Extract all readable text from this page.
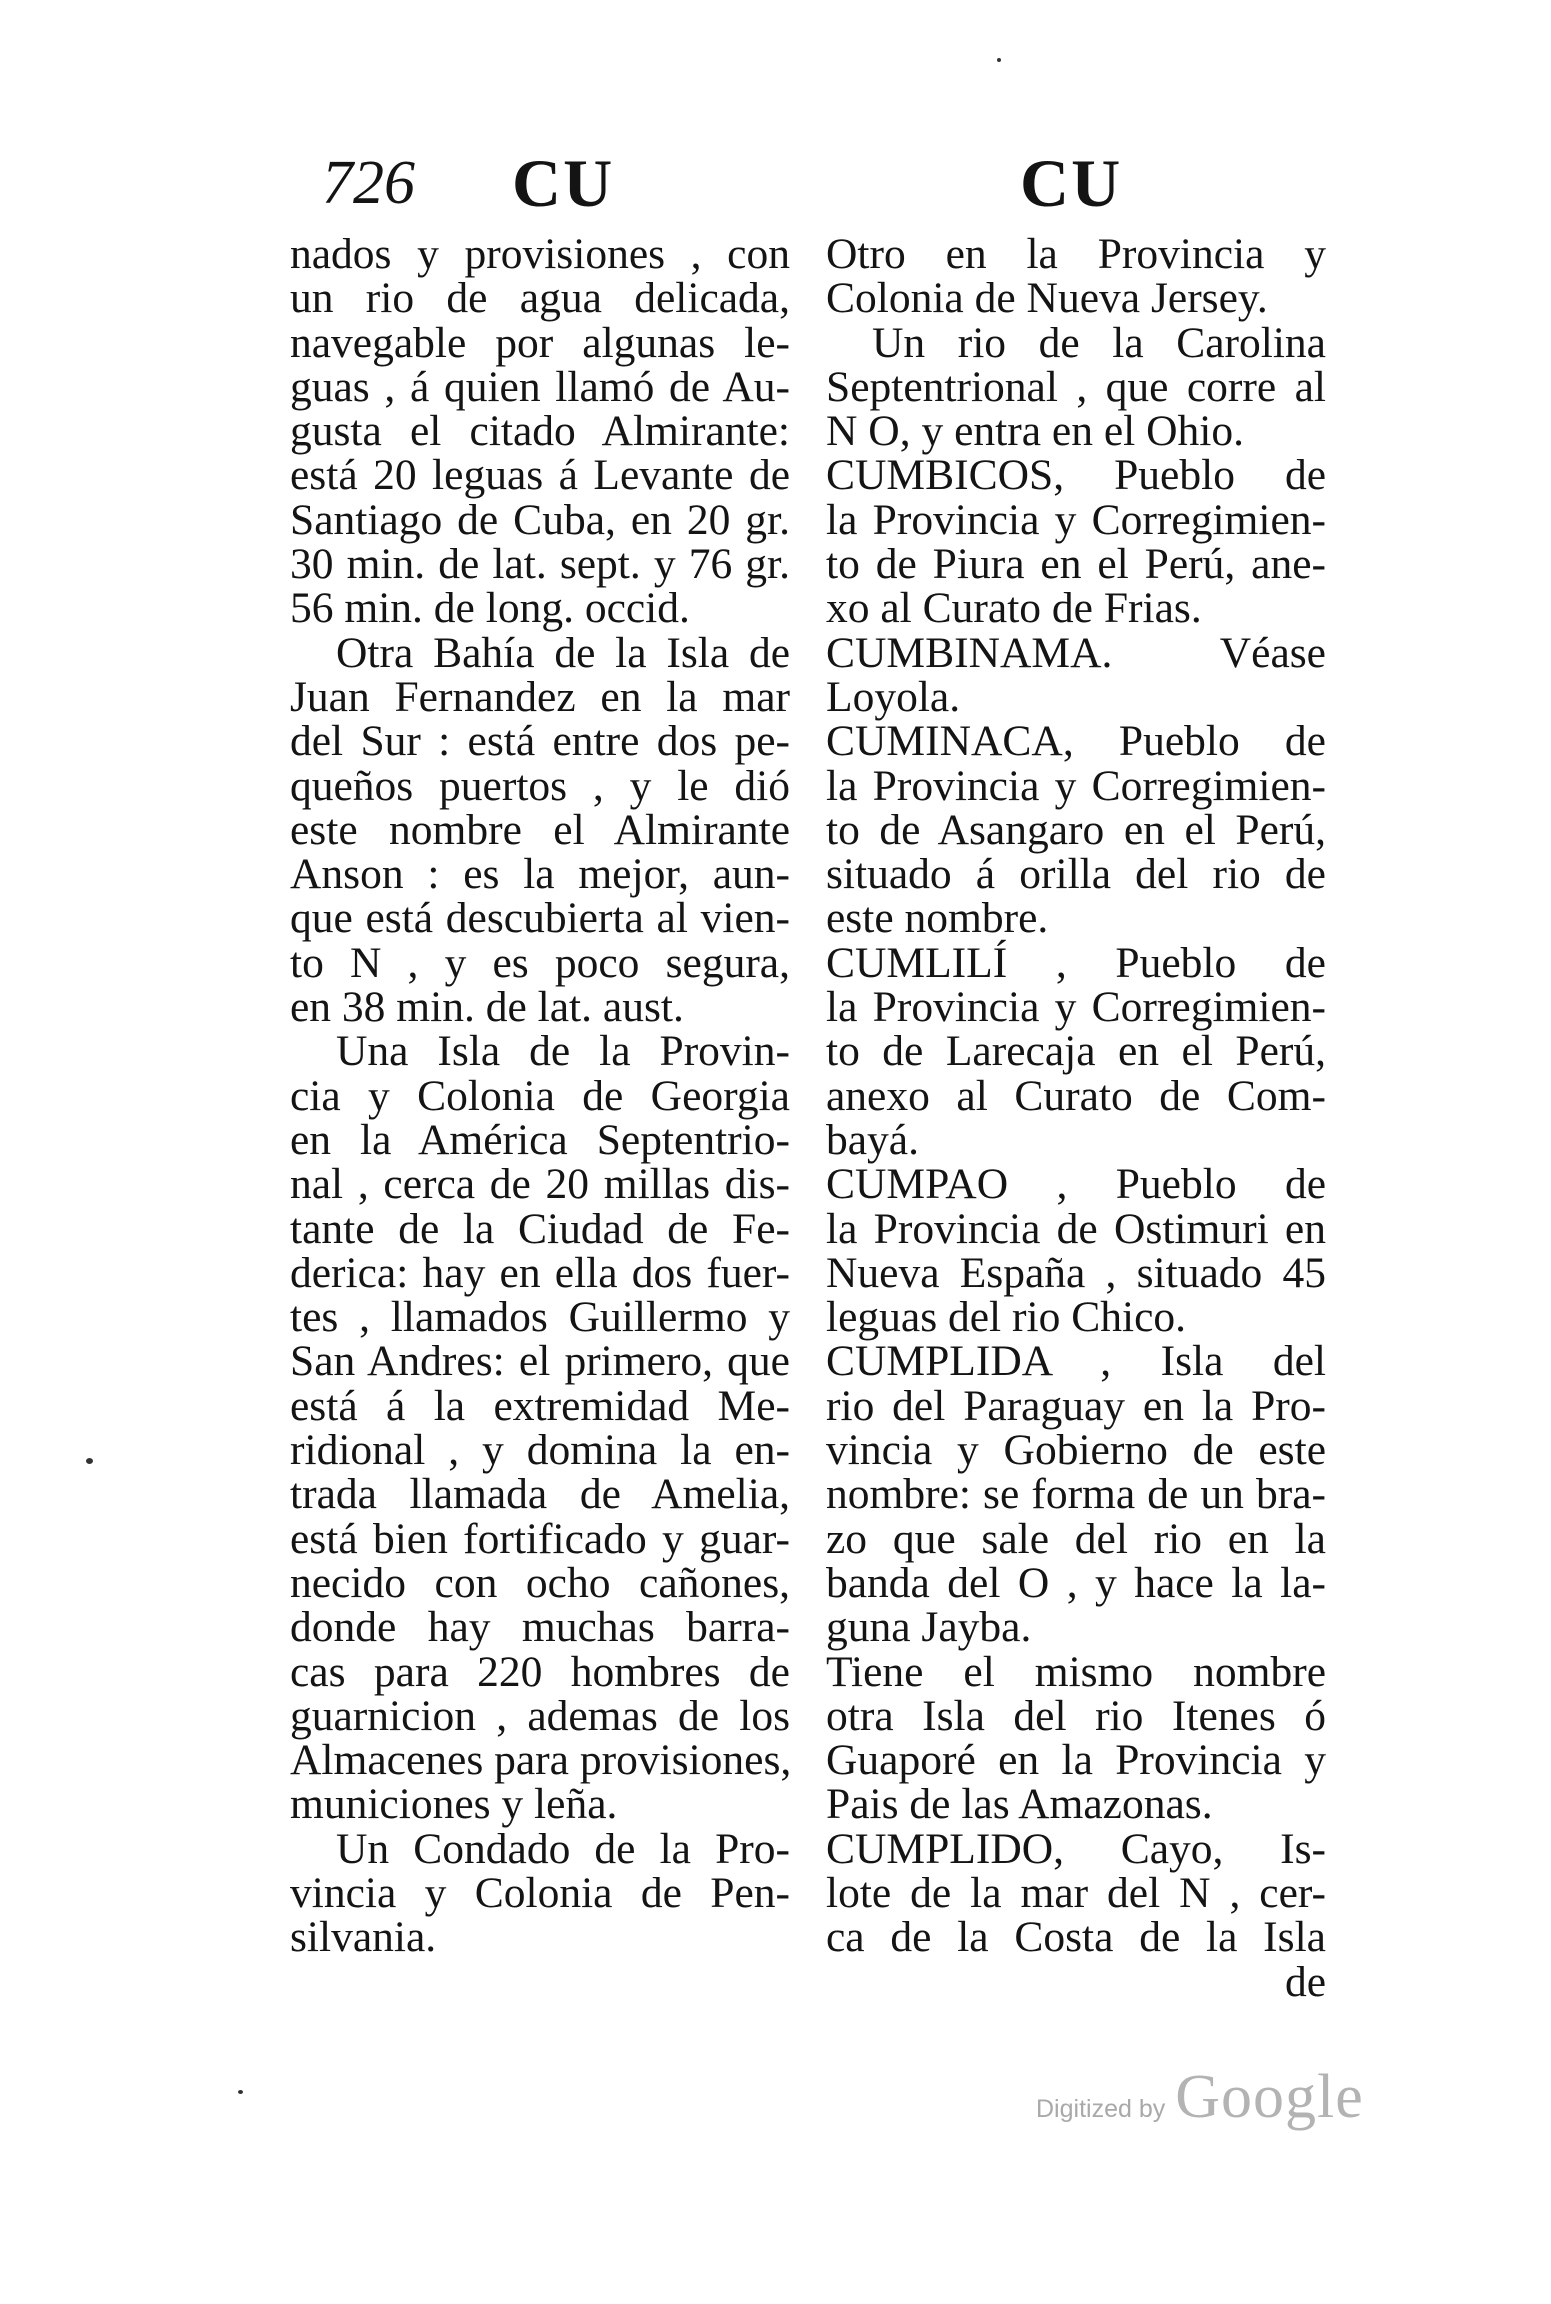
726 CU	CU
nados y provisiones , con
un rio de agua delicada,
navegable por algunas le-
guas , á quien llamó de Au-
gusta el citado Almirante:
está 20 leguas á Levante de
Santiago de Cuba, en 20 gr.
30 min. de lat. sept. y 76 gr.
56 min. de long. occid.
Otra Bahía de la Isla de
Juan Fernandez en la mar
del Sur : está entre dos pe-
queños puertos , y le dió
este nombre el Almirante
Anson : es la mejor, aun-
que está descubierta al vien-
to N , y es poco segura,
en 38 min. de lat. aust.
Una Isla de la Provin-
cia y Colonia de Georgia
en la América Septentrio-
nal , cerca de 20 millas dis-
tante de la Ciudad de Fe-
derica: hay en ella dos fuer-
tes , llamados Guillermo y
San Andres: el primero, que
está á la extremidad Me-
ridional , y domina la en-
trada llamada de Amelia,
está bien fortificado y guar-
necido con ocho cañones,
donde hay muchas barra-
cas para 220 hombres de
guarnicion , ademas de los
Almacenes para provisiones,
municiones y leña.
Un Condado de la Pro-
vincia y Colonia de Pen-
silvania.
Otro en la Provincia y
Colonia de Nueva Jersey.
Un rio de la Carolina
Septentrional , que corre al
N O, y entra en el Ohio.
CUMBICOS, Pueblo de
la Provincia y Corregimien-
to de Piura en el Perú, ane-
xo al Curato de Frias.
CUMBINAMA. Véase
Loyola.
CUMINACA, Pueblo de
la Provincia y Corregimien-
to de Asangaro en el Perú,
situado á orilla del rio de
este nombre.
CUMLILÍ , Pueblo de
la Provincia y Corregimien-
to de Larecaja en el Perú,
anexo al Curato de Com-
bayá.
CUMPAO , Pueblo de
la Provincia de Ostimuri en
Nueva España , situado 45
leguas del rio Chico.
CUMPLIDA , Isla del
rio del Paraguay en la Pro-
vincia y Gobierno de este
nombre: se forma de un bra-
zo que sale del rio en la
banda del O , y hace la la-
guna Jayba.
Tiene el mismo nombre
otra Isla del rio Itenes ó
Guaporé en la Provincia y
Pais de las Amazonas.
CUMPLIDO, Cayo, Is-
lote de la mar del N , cer-
ca de la Costa de la Isla
de
Digitized by Google
